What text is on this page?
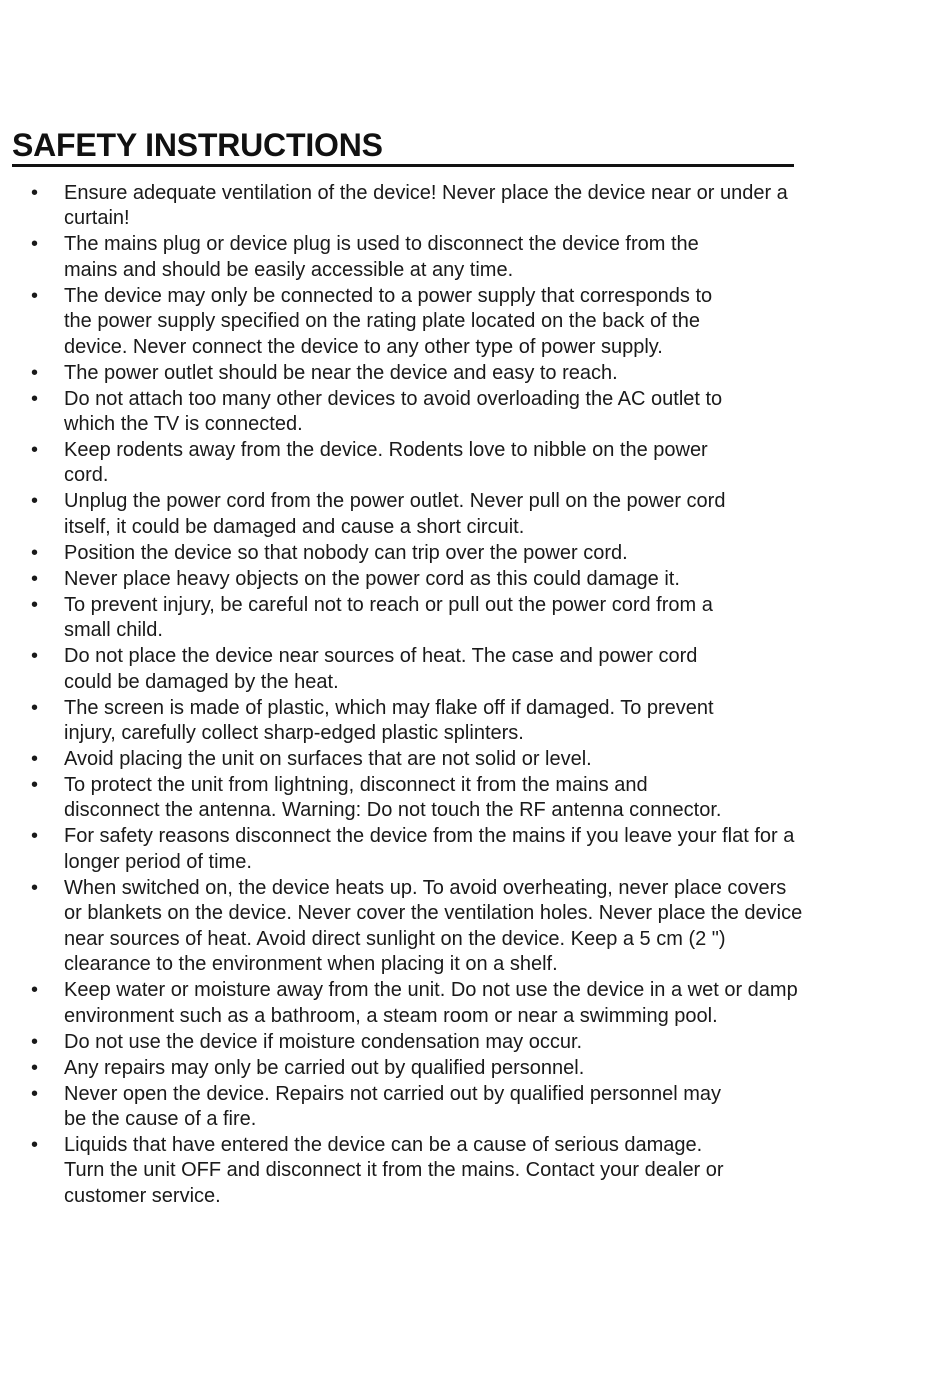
SAFETY INSTRUCTIONS
• Ensure adequate ventilation of the device! Never place the device near or under a
curtain!
• The mains plug or device plug is used to disconnect the device from the
mains and should be easily accessible at any time.
• The device may only be connected to a power supply that corresponds to
the power supply specified on the rating plate located on the back of the
device. Never connect the device to any other type of power supply.
• The power outlet should be near the device and easy to reach.
• Do not attach too many other devices to avoid overloading the AC outlet to
which the TV is connected.
• Keep rodents away from the device. Rodents love to nibble on the power
cord.
• Unplug the power cord from the power outlet. Never pull on the power cord
itself, it could be damaged and cause a short circuit.
• Position the device so that nobody can trip over the power cord.
• Never place heavy objects on the power cord as this could damage it.
• To prevent injury, be careful not to reach or pull out the power cord from a
small child.
• Do not place the device near sources of heat. The case and power cord
could be damaged by the heat.
• The screen is made of plastic, which may flake off if damaged. To prevent
injury, carefully collect sharp-edged plastic splinters.
• Avoid placing the unit on surfaces that are not solid or level.
• To protect the unit from lightning, disconnect it from the mains and
disconnect the antenna. Warning: Do not touch the RF antenna connector.
• For safety reasons disconnect the device from the mains if you leave your flat for a
longer period of time.
• When switched on, the device heats up. To avoid overheating, never place covers
or blankets on the device. Never cover the ventilation holes. Never place the device
near sources of heat. Avoid direct sunlight on the device. Keep a 5 cm (2 ")
clearance to the environment when placing it on a shelf.
• Keep water or moisture away from the unit. Do not use the device in a wet or damp
environment such as a bathroom, a steam room or near a swimming pool.
• Do not use the device if moisture condensation may occur.
• Any repairs may only be carried out by qualified personnel.
• Never open the device. Repairs not carried out by qualified personnel may
be the cause of a fire.
• Liquids that have entered the device can be a cause of serious damage.
Turn the unit OFF and disconnect it from the mains. Contact your dealer or
customer service.
